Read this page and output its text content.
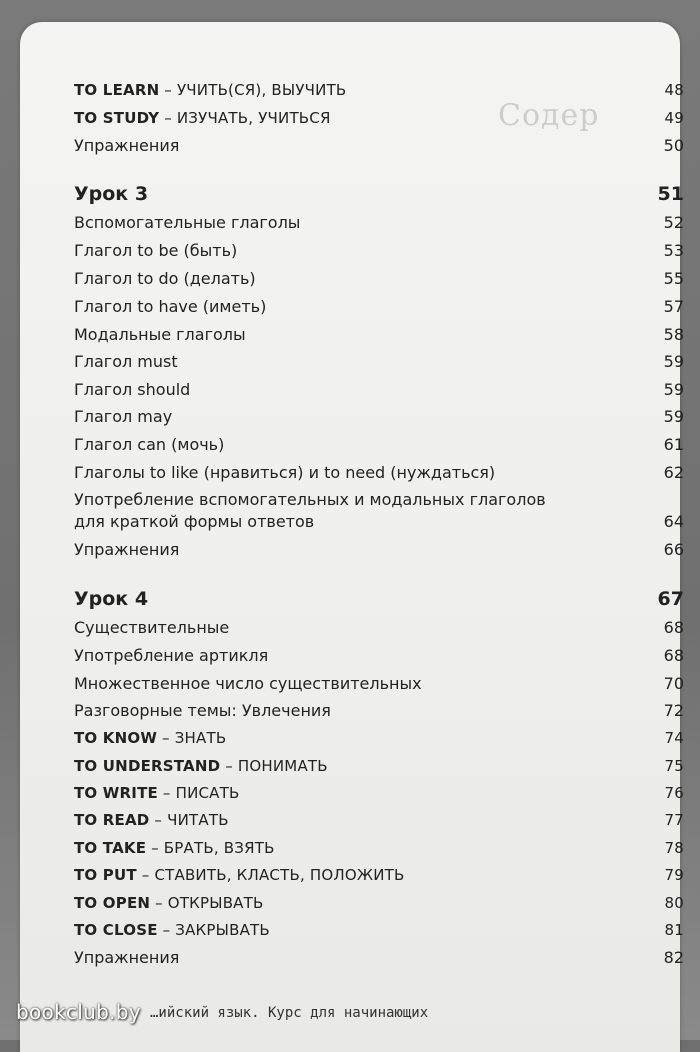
Содер
TO LEARN – УЧИТЬ(СЯ), ВЫУЧИТЬ	48
TO STUDY – ИЗУЧАТЬ, УЧИТЬСЯ	49
Упражнения	50
Урок 3	51
Вспомогательные глаголы	52
Глагол to be (быть)	53
Глагол to do (делать)	55
Глагол to have (иметь)	57
Модальные глаголы	58
Глагол must	59
Глагол should	59
Глагол may	59
Глагол can (мочь)	61
Глаголы to like (нравиться) и to need (нуждаться)	62
Употребление вспомогательных и модальных глаголов
для краткой формы ответов	64
Упражнения	66
Урок 4	67
Существительные	68
Употребление артикля	68
Множественное число существительных	70
Разговорные темы: Увлечения	72
TO KNOW – ЗНАТЬ	74
TO UNDERSTAND – ПОНИМАТЬ	75
TO WRITE – ПИСАТЬ	76
TO READ – ЧИТАТЬ	77
TO TAKE – БРАТЬ, ВЗЯТЬ	78
TO PUT – СТАВИТЬ, КЛАСТЬ, ПОЛОЖИТЬ	79
TO OPEN – ОТКРЫВАТЬ	80
TO CLOSE – ЗАКРЫВАТЬ	81
Упражнения	82
bookclub.by …ийский язык. Курс для начинающих
